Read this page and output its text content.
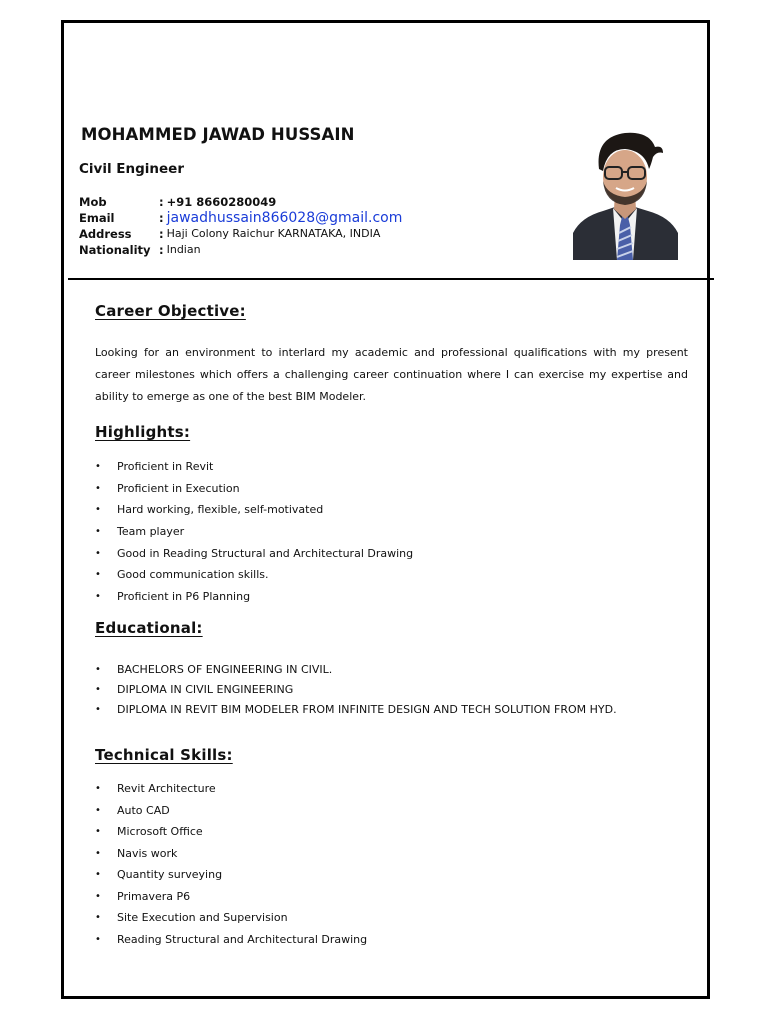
MOHAMMED JAWAD HUSSAIN
Civil Engineer
Mob	: +91 8660280049
Email	: jawadhussain866028@gmail.com
Address	: Haji Colony Raichur KARNATAKA, INDIA
Nationality : Indian
Career Objective:
Looking for an environment to interlard my academic and professional qualifications with my present career milestones which offers a challenging career continuation where I can exercise my expertise and ability to emerge as one of the best BIM Modeler.
Highlights:
•	Proficient in Revit
•	Proficient in Execution
•	Hard working, flexible, self-motivated
•	Team player
•	Good in Reading Structural and Architectural Drawing
•	Good communication skills.
•	Proficient in P6 Planning
Educational:
•	BACHELORS OF ENGINEERING IN CIVIL.
•	DIPLOMA IN CIVIL ENGINEERING
•	DIPLOMA IN REVIT BIM MODELER FROM INFINITE DESIGN AND TECH SOLUTION FROM HYD.
Technical Skills:
•	Revit Architecture
•	Auto CAD
•	Microsoft Office
•	Navis work
•	Quantity surveying
•	Primavera P6
•	Site Execution and Supervision
•	Reading Structural and Architectural Drawing
